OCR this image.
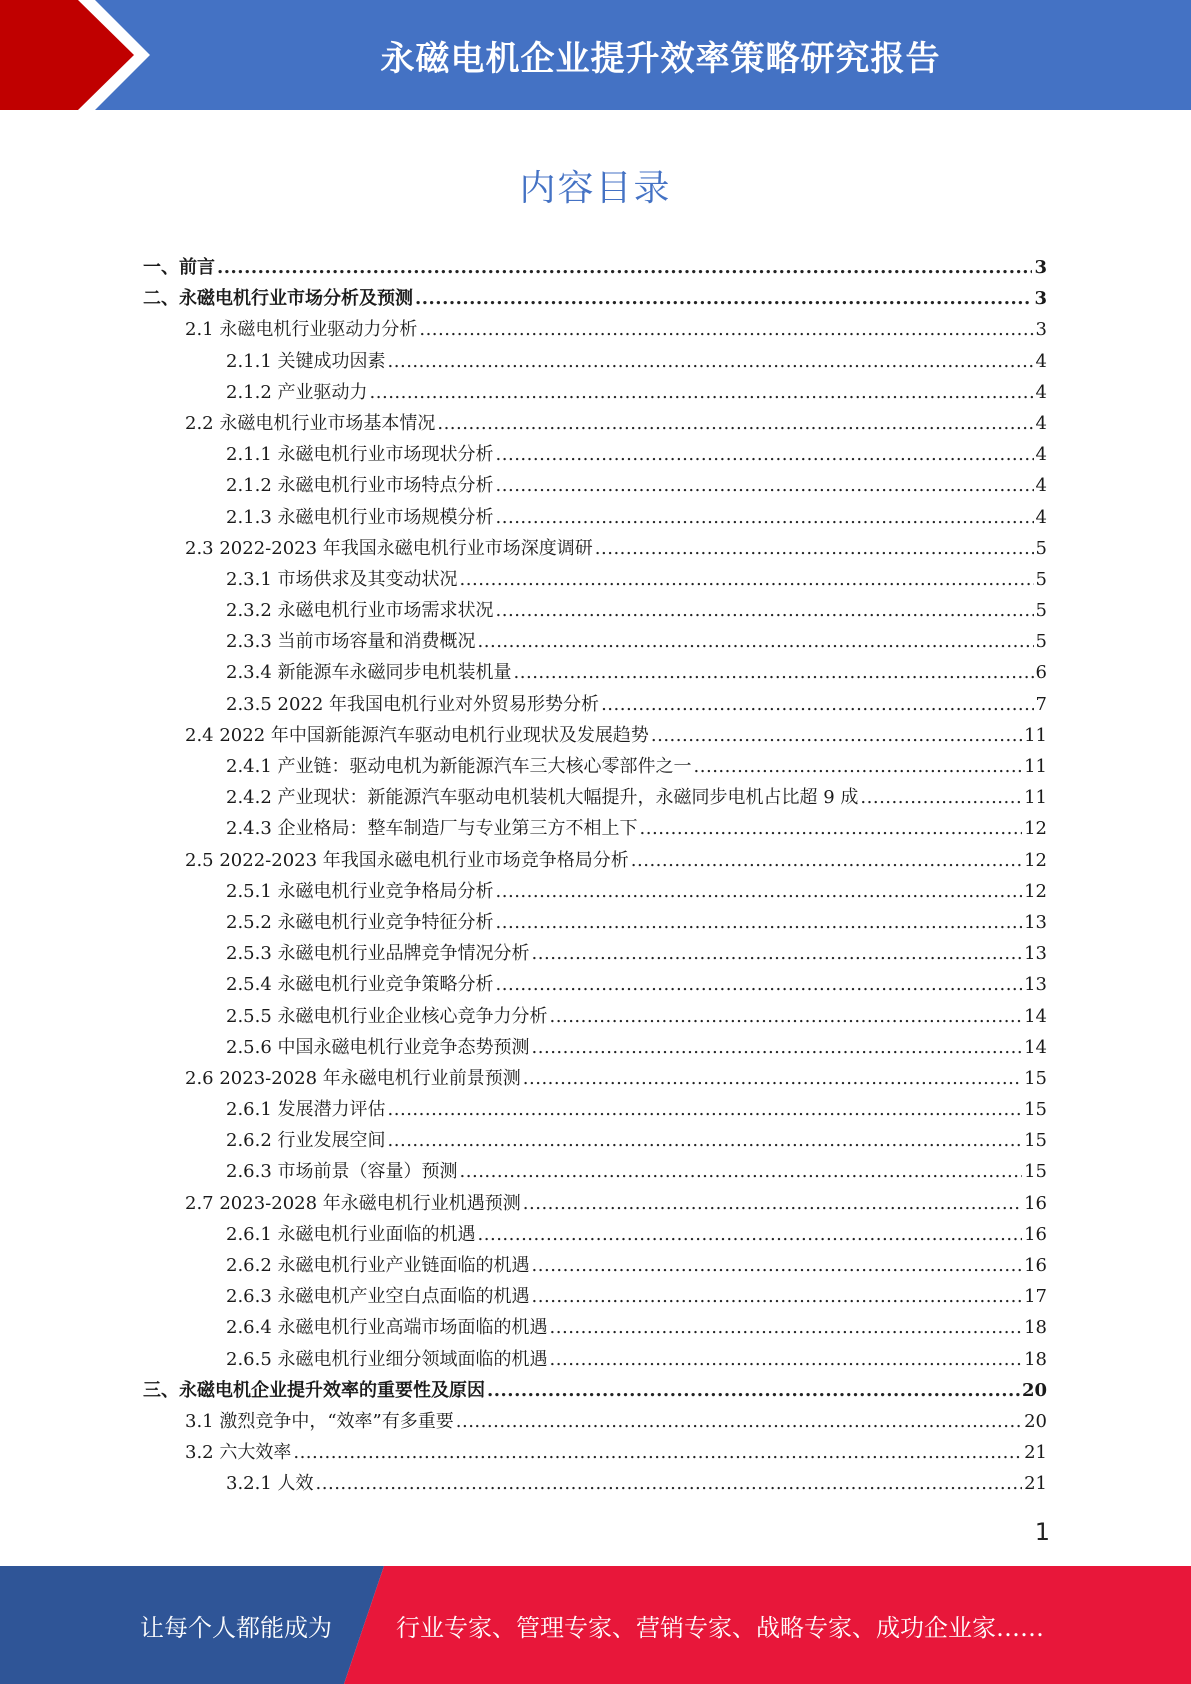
永磁电机企业提升效率策略研究报告
内容目录
一、前言 .....	3
二、永磁电机行业市场分析及预测 .....	3
2.1 永磁电机行业驱动力分析 .....	3
2.1.1 关键成功因素 .....	4
2.1.2 产业驱动力 .....	4
2.2 永磁电机行业市场基本情况 .....	4
2.1.1 永磁电机行业市场现状分析 .....	4
2.1.2 永磁电机行业市场特点分析 .....	4
2.1.3 永磁电机行业市场规模分析 .....	4
2.3 2022-2023 年我国永磁电机行业市场深度调研 .....	5
2.3.1 市场供求及其变动状况 .....	5
2.3.2 永磁电机行业市场需求状况 .....	5
2.3.3 当前市场容量和消费概况 .....	5
2.3.4 新能源车永磁同步电机装机量 .....	6
2.3.5 2022 年我国电机行业对外贸易形势分析 .....	7
2.4 2022 年中国新能源汽车驱动电机行业现状及发展趋势 .....	11
2.4.1 产业链：驱动电机为新能源汽车三大核心零部件之一 .....	11
2.4.2 产业现状：新能源汽车驱动电机装机大幅提升，永磁同步电机占比超 9 成 .....	11
2.4.3 企业格局：整车制造厂与专业第三方不相上下 .....	12
2.5 2022-2023 年我国永磁电机行业市场竞争格局分析 .....	12
2.5.1 永磁电机行业竞争格局分析 .....	12
2.5.2 永磁电机行业竞争特征分析 .....	13
2.5.3 永磁电机行业品牌竞争情况分析 .....	13
2.5.4 永磁电机行业竞争策略分析 .....	13
2.5.5 永磁电机行业企业核心竞争力分析 .....	14
2.5.6 中国永磁电机行业竞争态势预测 .....	14
2.6 2023-2028 年永磁电机行业前景预测 .....	15
2.6.1 发展潜力评估 .....	15
2.6.2 行业发展空间 .....	15
2.6.3 市场前景（容量）预测 .....	15
2.7 2023-2028 年永磁电机行业机遇预测 .....	16
2.6.1 永磁电机行业面临的机遇 .....	16
2.6.2 永磁电机行业产业链面临的机遇 .....	16
2.6.3 永磁电机产业空白点面临的机遇 .....	17
2.6.4 永磁电机行业高端市场面临的机遇 .....	18
2.6.5 永磁电机行业细分领域面临的机遇 .....	18
三、永磁电机企业提升效率的重要性及原因 .....	20
3.1 激烈竞争中，“效率”有多重要 .....	20
3.2 六大效率 .....	21
3.2.1 人效 .....	21
1
让每个人都能成为	行业专家、管理专家、营销专家、战略专家、成功企业家……
